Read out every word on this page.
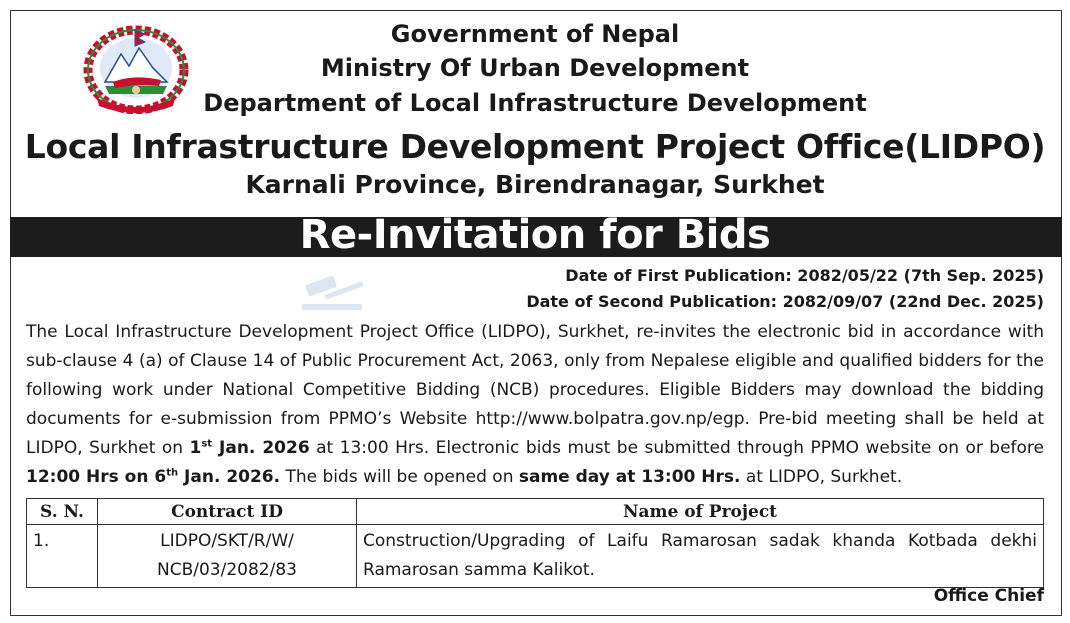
Government of Nepal
Ministry Of Urban Development
Department of Local Infrastructure Development
Local Infrastructure Development Project Office(LIDPO)
Karnali Province, Birendranagar, Surkhet
Re-Invitation for Bids
Date of First Publication: 2082/05/22 (7th Sep. 2025)
Date of Second Publication: 2082/09/07 (22nd Dec. 2025)
The Local Infrastructure Development Project Office (LIDPO), Surkhet, re-invites the electronic bid in accordance with sub-clause 4 (a) of Clause 14 of Public Procurement Act, 2063, only from Nepalese eligible and qualified bidders for the following work under National Competitive Bidding (NCB) procedures. Eligible Bidders may download the bidding documents for e-submission from PPMO’s Website http://www.bolpatra.gov.np/egp. Pre-bid meeting shall be held at LIDPO, Surkhet on 1st Jan. 2026 at 13:00 Hrs. Electronic bids must be submitted through PPMO website on or before 12:00 Hrs on 6th Jan. 2026. The bids will be opened on same day at 13:00 Hrs. at LIDPO, Surkhet.
S. N.	Contract ID	Name of Project
1.	LIDPO/SKT/R/W/ NCB/03/2082/83	Construction/Upgrading of Laifu Ramarosan sadak khanda Kotbada dekhi Ramarosan samma Kalikot.
Office Chief
